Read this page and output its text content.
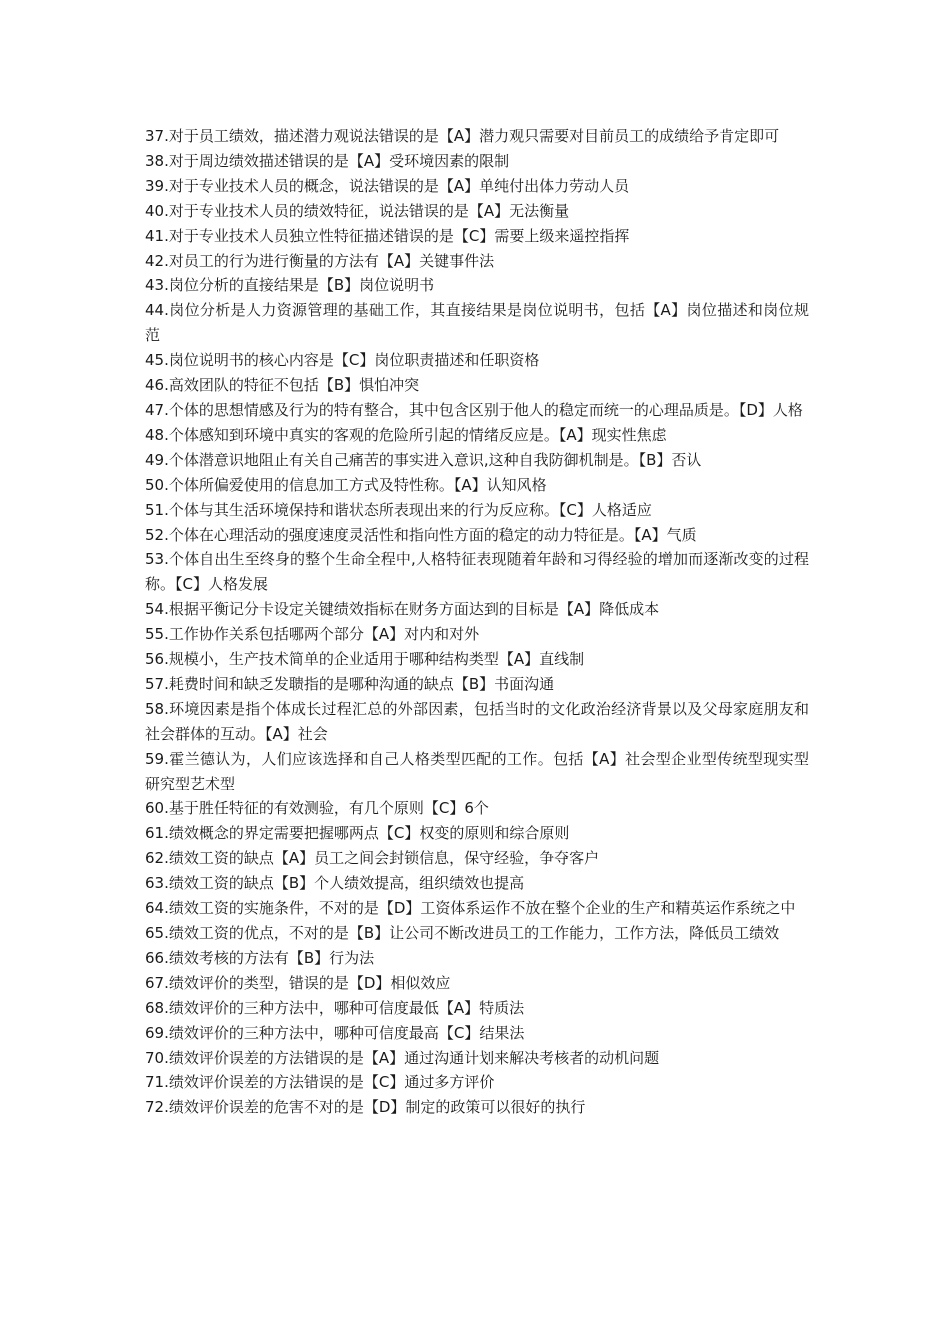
37.对于员工绩效，描述潜力观说法错误的是【A】潜力观只需要对目前员工的成绩给予肯定即可

38.对于周边绩效描述错误的是【A】受环境因素的限制

39.对于专业技术人员的概念，说法错误的是【A】单纯付出体力劳动人员

40.对于专业技术人员的绩效特征，说法错误的是【A】无法衡量

41.对于专业技术人员独立性特征描述错误的是【C】需要上级来遥控指挥

42.对员工的行为进行衡量的方法有【A】关键事件法

43.岗位分析的直接结果是【B】岗位说明书

44.岗位分析是人力资源管理的基础工作，其直接结果是岗位说明书，包括【A】岗位描述和岗位规范

45.岗位说明书的核心内容是【C】岗位职责描述和任职资格

46.高效团队的特征不包括【B】惧怕冲突

47.个体的思想情感及行为的特有整合，其中包含区别于他人的稳定而统一的心理品质是。【D】人格

48.个体感知到环境中真实的客观的危险所引起的情绪反应是。【A】现实性焦虑

49.个体潜意识地阻止有关自己痛苦的事实进入意识,这种自我防御机制是。【B】否认

50.个体所偏爱使用的信息加工方式及特性称。【A】认知风格

51.个体与其生活环境保持和谐状态所表现出来的行为反应称。【C】人格适应

52.个体在心理活动的强度速度灵活性和指向性方面的稳定的动力特征是。【A】气质

53.个体自出生至终身的整个生命全程中,人格特征表现随着年龄和习得经验的增加而逐渐改变的过程称。【C】人格发展

54.根据平衡记分卡设定关键绩效指标在财务方面达到的目标是【A】降低成本

55.工作协作关系包括哪两个部分【A】对内和对外

56.规模小，生产技术简单的企业适用于哪种结构类型【A】直线制

57.耗费时间和缺乏发聩指的是哪种沟通的缺点【B】书面沟通

58.环境因素是指个体成长过程汇总的外部因素，包括当时的文化政治经济背景以及父母家庭朋友和社会群体的互动。【A】社会

59.霍兰德认为，人们应该选择和自己人格类型匹配的工作。包括【A】社会型企业型传统型现实型研究型艺术型

60.基于胜任特征的有效测验，有几个原则【C】6个

61.绩效概念的界定需要把握哪两点【C】权变的原则和综合原则

62.绩效工资的缺点【A】员工之间会封锁信息，保守经验，争夺客户

63.绩效工资的缺点【B】个人绩效提高，组织绩效也提高

64.绩效工资的实施条件，不对的是【D】工资体系运作不放在整个企业的生产和精英运作系统之中

65.绩效工资的优点，不对的是【B】让公司不断改进员工的工作能力，工作方法，降低员工绩效

66.绩效考核的方法有【B】行为法

67.绩效评价的类型，错误的是【D】相似效应

68.绩效评价的三种方法中，哪种可信度最低【A】特质法

69.绩效评价的三种方法中，哪种可信度最高【C】结果法

70.绩效评价误差的方法错误的是【A】通过沟通计划来解决考核者的动机问题

71.绩效评价误差的方法错误的是【C】通过多方评价

72.绩效评价误差的危害不对的是【D】制定的政策可以很好的执行
